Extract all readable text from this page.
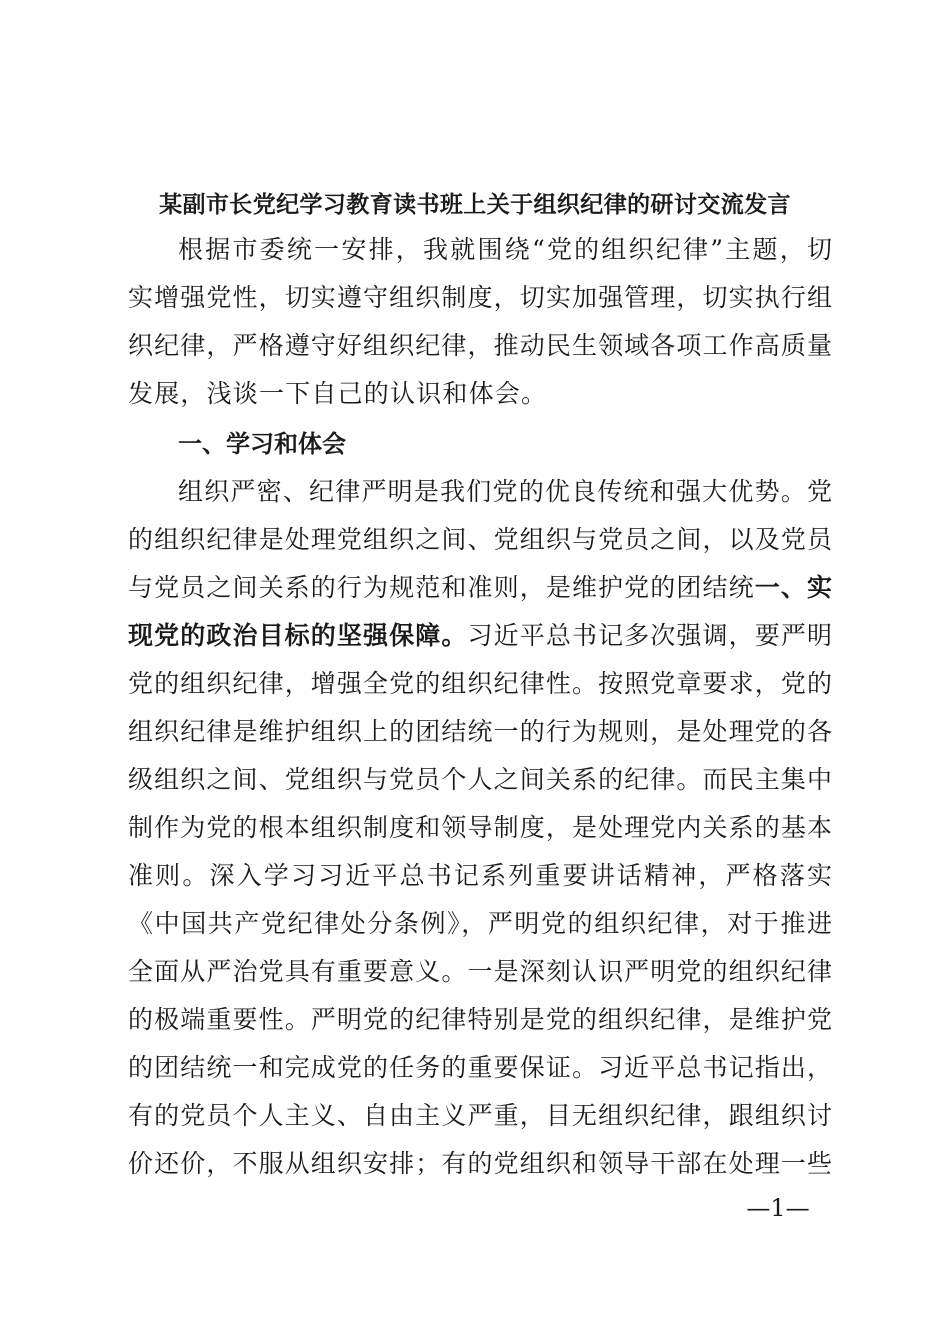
某副市长党纪学习教育读书班上关于组织纪律的研讨交流发言
根据市委统一安排，我就围绕“党的组织纪律”主题，切
实增强党性，切实遵守组织制度，切实加强管理，切实执行组
织纪律，严格遵守好组织纪律，推动民生领域各项工作高质量
发展，浅谈一下自己的认识和体会。
一、学习和体会
组织严密、纪律严明是我们党的优良传统和强大优势。党
的组织纪律是处理党组织之间、党组织与党员之间，以及党员
与党员之间关系的行为规范和准则，是维护党的团结统一、实
现党的政治目标的坚强保障。习近平总书记多次强调，要严明
党的组织纪律，增强全党的组织纪律性。按照党章要求，党的
组织纪律是维护组织上的团结统一的行为规则，是处理党的各
级组织之间、党组织与党员个人之间关系的纪律。而民主集中
制作为党的根本组织制度和领导制度，是处理党内关系的基本
准则。深入学习习近平总书记系列重要讲话精神，严格落实
《中国共产党纪律处分条例》，严明党的组织纪律，对于推进
全面从严治党具有重要意义。一是深刻认识严明党的组织纪律
的极端重要性。严明党的纪律特别是党的组织纪律，是维护党
的团结统一和完成党的任务的重要保证。习近平总书记指出，
有的党员个人主义、自由主义严重，目无组织纪律，跟组织讨
价还价，不服从组织安排；有的党组织和领导干部在处理一些
—1—
